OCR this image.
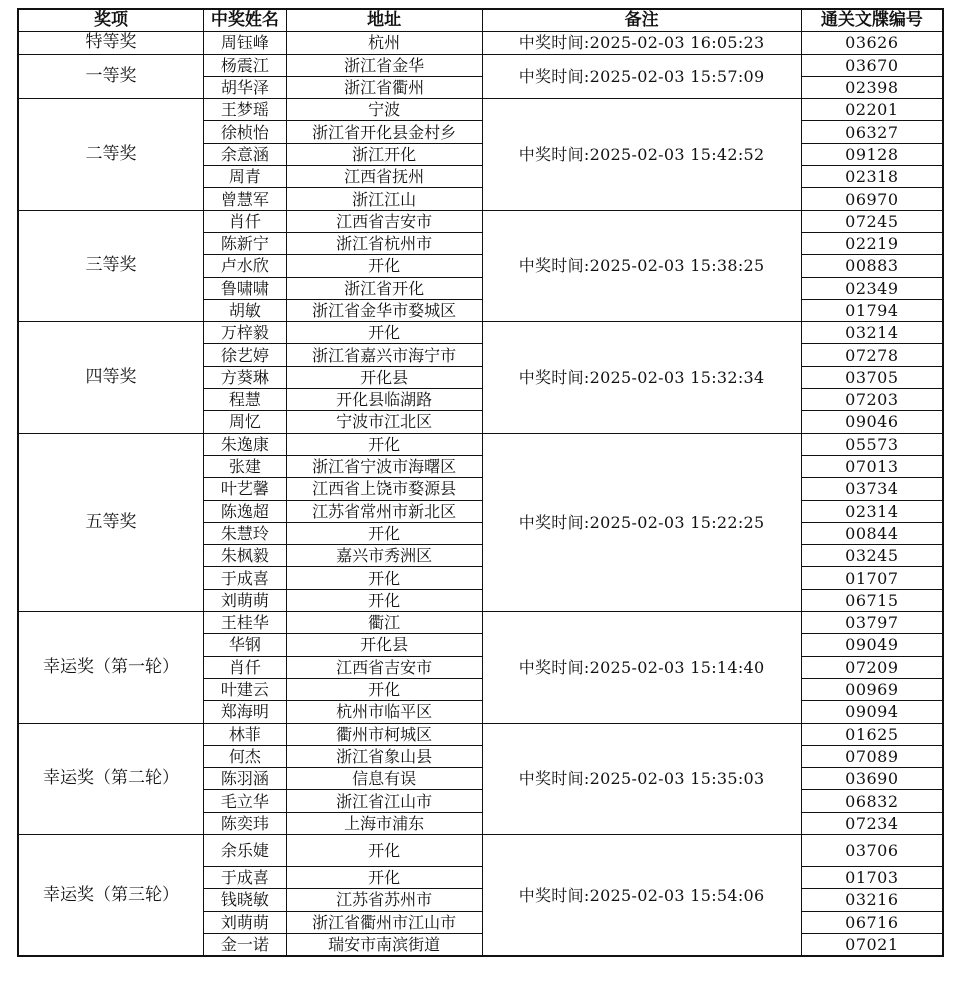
奖项	中奖姓名	地址	备注	通关文牒编号
特等奖	周钰峰	杭州	中奖时间:2025-02-03 16:05:23	03626
一等奖	杨震江	浙江省金华	中奖时间:2025-02-03 15:57:09	03670
	胡华泽	浙江省衢州		02398
二等奖	王梦瑶	宁波	中奖时间:2025-02-03 15:42:52	02201
	徐桢怡	浙江省开化县金村乡		06327
	余意涵	浙江开化		09128
	周青	江西省抚州		02318
	曾慧军	浙江江山		06970
三等奖	肖仟	江西省吉安市	中奖时间:2025-02-03 15:38:25	07245
	陈新宁	浙江省杭州市		02219
	卢水欣	开化		00883
	鲁啸啸	浙江省开化		02349
	胡敏	浙江省金华市婺城区		01794
四等奖	万梓毅	开化	中奖时间:2025-02-03 15:32:34	03214
	徐艺婷	浙江省嘉兴市海宁市		07278
	方葵琳	开化县		03705
	程慧	开化县临湖路		07203
	周忆	宁波市江北区		09046
五等奖	朱逸康	开化	中奖时间:2025-02-03 15:22:25	05573
	张建	浙江省宁波市海曙区		07013
	叶艺馨	江西省上饶市婺源县		03734
	陈逸超	江苏省常州市新北区		02314
	朱慧玲	开化		00844
	朱枫毅	嘉兴市秀洲区		03245
	于成喜	开化		01707
	刘萌萌	开化		06715
幸运奖（第一轮）	王桂华	衢江	中奖时间:2025-02-03 15:14:40	03797
	华钢	开化县		09049
	肖仟	江西省吉安市		07209
	叶建云	开化		00969
	郑海明	杭州市临平区		09094
幸运奖（第二轮）	林菲	衢州市柯城区	中奖时间:2025-02-03 15:35:03	01625
	何杰	浙江省象山县		07089
	陈羽涵	信息有误		03690
	毛立华	浙江省江山市		06832
	陈奕玮	上海市浦东		07234
幸运奖（第三轮）	余乐婕	开化	中奖时间:2025-02-03 15:54:06	03706
	于成喜	开化		01703
	钱晓敏	江苏省苏州市		03216
	刘萌萌	浙江省衢州市江山市		06716
	金一诺	瑞安市南滨街道		07021
